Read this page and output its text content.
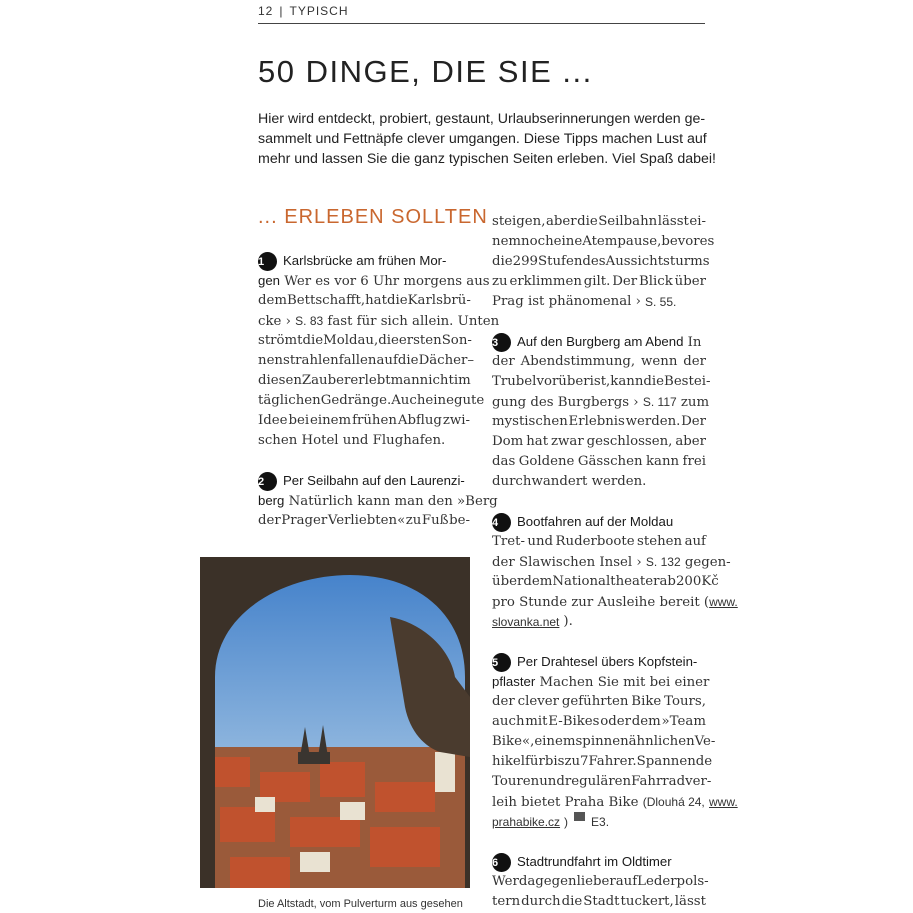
12 | TYPISCH
50 DINGE, DIE SIE ...
Hier wird entdeckt, probiert, gestaunt, Urlaubserinnerungen werden ge-
sammelt und Fettnäpfe clever umgangen. Diese Tipps machen Lust auf
mehr und lassen Sie die ganz typischen Seiten erleben. Viel Spaß dabei!
... ERLEBEN SOLLTEN
1 Karlsbrücke am frühen Mor-
gen Wer es vor 6 Uhr morgens aus
dem Bett schafft, hat die Karlsbrü-
cke › S. 83 fast für sich allein. Unten
strömt die Moldau, die ersten Son-
nenstrahlen fallen auf die Dächer –
diesen Zauber erlebt man nicht im
täglichen Gedränge. Auch eine gute
Idee bei einem frühen Abflug zwi-
schen Hotel und Flughafen.
2 Per Seilbahn auf den Laurenzi-
berg Natürlich kann man den »Berg
der Prager Verliebten« zu Fuß be-
Die Altstadt, vom Pulverturm aus gesehen
steigen, aber die Seilbahn lässt ei-
nem noch eine Atempause, bevor es
die 299 Stufen des Aussichtsturms
zu erklimmen gilt. Der Blick über
Prag ist phänomenal › S. 55.
3 Auf den Burgberg am Abend In
der Abendstimmung, wenn der
Trubel vorüber ist, kann die Bestei-
gung des Burgbergs › S. 117 zum
mystischen Erlebnis werden. Der
Dom hat zwar geschlossen, aber
das Goldene Gässchen kann frei
durchwandert werden.
4 Bootfahren auf der Moldau
Tret- und Ruderboote stehen auf
der Slawischen Insel › S. 132 gegen-
über dem Nationaltheater ab 200 Kč
pro Stunde zur Ausleihe bereit (www.
slovanka.net ).
5 Per Drahtesel übers Kopfstein-
pflaster Machen Sie mit bei einer
der clever geführten Bike Tours,
auch mit E-Bikes oder dem »Team
Bike«, einem spinnenähnlichen Ve-
hikel für bis zu 7 Fahrer. Spannende
Touren und regulären Fahrradver-
leih bietet Praha Bike (Dlouhá 24, www.
prahabike.cz ) E3.
6 Stadtrundfahrt im Oldtimer
Wer dagegen lieber auf Lederpols-
tern durch die Stadt tuckert, lässt
